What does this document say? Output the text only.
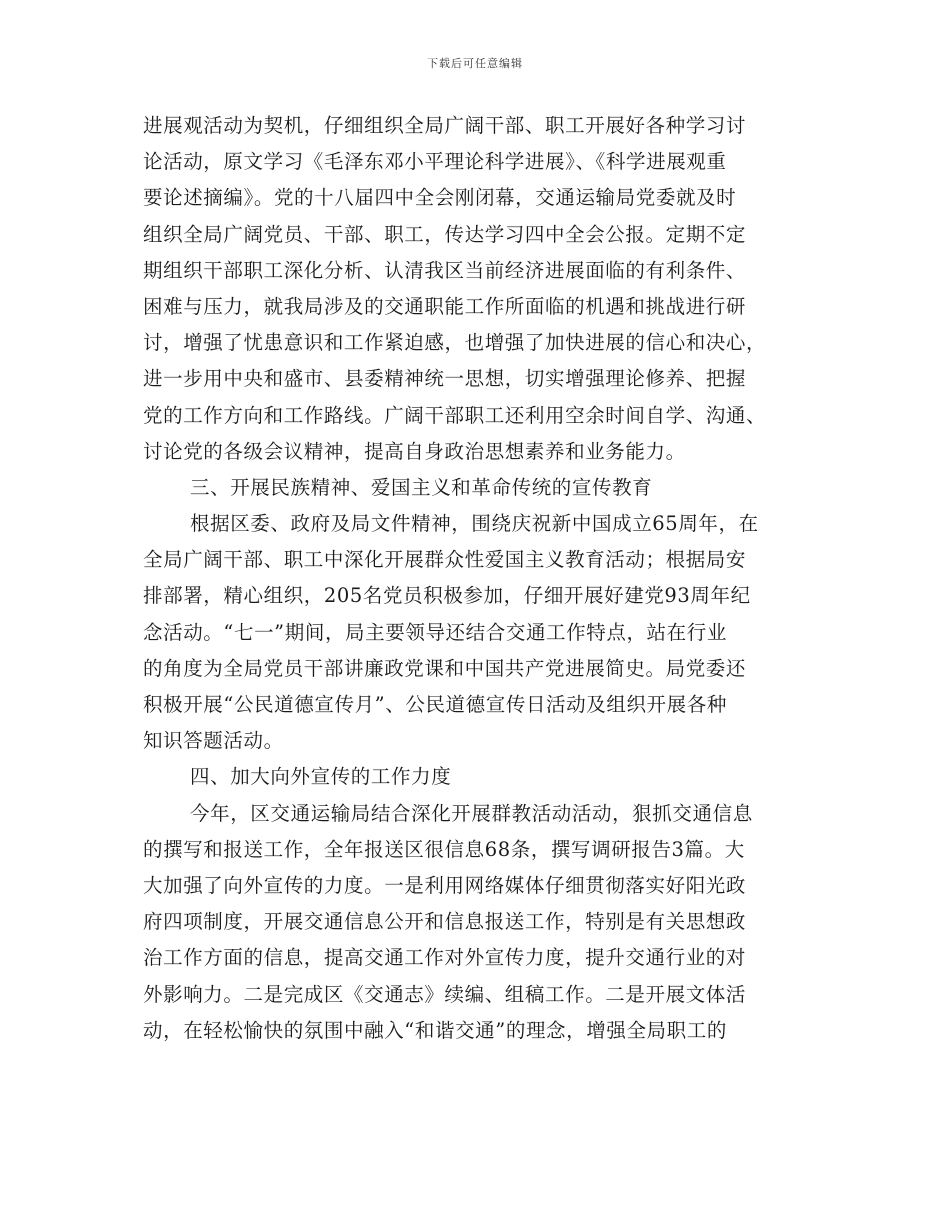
下载后可任意编辑
进展观活动为契机，仔细组织全局广阔干部、职工开展好各种学习讨
论活动，原文学习《毛泽东邓小平理论科学进展》、《科学进展观重
要论述摘编》。党的十八届四中全会刚闭幕，交通运输局党委就及时
组织全局广阔党员、干部、职工，传达学习四中全会公报。定期不定
期组织干部职工深化分析、认清我区当前经济进展面临的有利条件、
困难与压力，就我局涉及的交通职能工作所面临的机遇和挑战进行研
讨，增强了忧患意识和工作紧迫感，也增强了加快进展的信心和决心，
进一步用中央和盛市、县委精神统一思想，切实增强理论修养、把握
党的工作方向和工作路线。广阔干部职工还利用空余时间自学、沟通、
讨论党的各级会议精神，提高自身政治思想素养和业务能力。
三、开展民族精神、爱国主义和革命传统的宣传教育
根据区委、政府及局文件精神，围绕庆祝新中国成立65周年，在
全局广阔干部、职工中深化开展群众性爱国主义教育活动；根据局安
排部署，精心组织，205名党员积极参加，仔细开展好建党93周年纪
念活动。“七一”期间，局主要领导还结合交通工作特点，站在行业
的角度为全局党员干部讲廉政党课和中国共产党进展简史。局党委还
积极开展“公民道德宣传月”、公民道德宣传日活动及组织开展各种
知识答题活动。
四、加大向外宣传的工作力度
今年，区交通运输局结合深化开展群教活动活动，狠抓交通信息
的撰写和报送工作，全年报送区很信息68条，撰写调研报告3篇。大
大加强了向外宣传的力度。一是利用网络媒体仔细贯彻落实好阳光政
府四项制度，开展交通信息公开和信息报送工作，特别是有关思想政
治工作方面的信息，提高交通工作对外宣传力度，提升交通行业的对
外影响力。二是完成区《交通志》续编、组稿工作。二是开展文体活
动，在轻松愉快的氛围中融入“和谐交通”的理念，增强全局职工的
